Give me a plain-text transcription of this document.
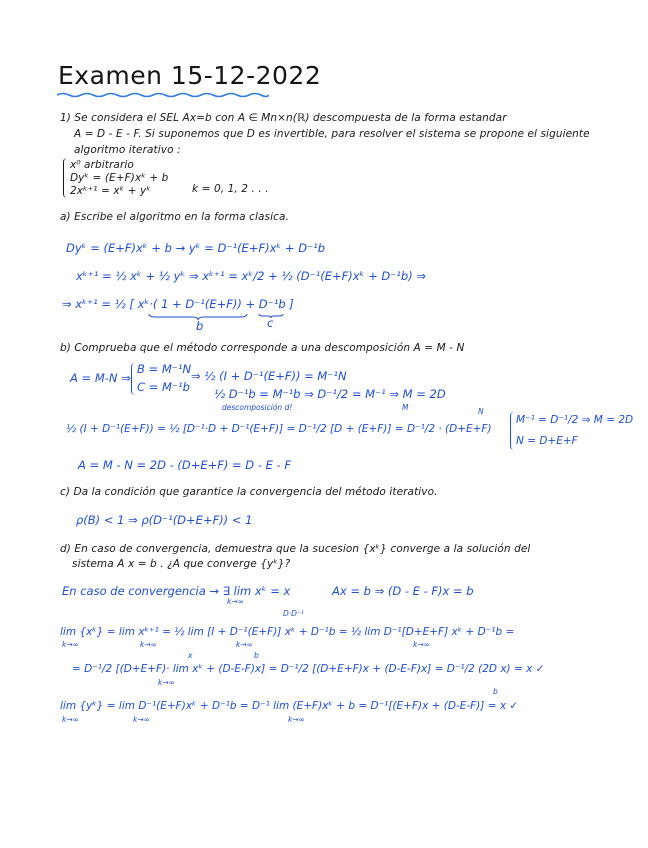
Examen 15-12-2022
1) Se considera el SEL Ax=b con A ∈ Mn×n(ℝ) descompuesta de la forma estandar
A = D - E - F. Si suponemos que D es invertible, para resolver el sistema se propone el siguiente
algoritmo iterativo :
x⁰ arbitrario
Dyᵏ = (E+F)xᵏ + b
2xᵏ⁺¹ = xᵏ + yᵏ	k = 0, 1, 2 . . .
a) Escribe el algoritmo en la forma clasica.
Dyᵏ = (E+F)xᵏ + b → yᵏ = D⁻¹(E+F)xᵏ + D⁻¹b
xᵏ⁺¹ = ½ xᵏ + ½ yᵏ ⇒ xᵏ⁺¹ = xᵏ/2 + ½ (D⁻¹(E+F)xᵏ + D⁻¹b) ⇒
⇒ xᵏ⁺¹ = ½ [ xᵏ·( 1 + D⁻¹(E+F)) + D⁻¹b ]
b	c
b) Comprueba que el método corresponde a una descomposición A = M - N
A = M-N ⇒
B = M⁻¹N
C = M⁻¹b
⇒ ½ (I + D⁻¹(E+F)) = M⁻¹N
½ D⁻¹b = M⁻¹b ⇒ D⁻¹/2 = M⁻¹ ⇒ M = 2D
descomposición d!	M	N
½ (I + D⁻¹(E+F)) = ½ [D⁻¹·D + D⁻¹(E+F)] = D⁻¹/2 [D + (E+F)] = D⁻¹/2 · (D+E+F)
M⁻¹ = D⁻¹/2 ⇒ M = 2D
N = D+E+F
A = M - N = 2D - (D+E+F) = D - E - F
c) Da la condición que garantice la convergencia del método iterativo.
ρ(B) < 1 ⇒ ρ(D⁻¹(D+E+F)) < 1
d) En caso de convergencia, demuestra que la sucesion {xᵏ} converge a la solución del
sistema A x = b . ¿A que converge {yᵏ}?
En caso de convergencia → ∃ lim xᵏ = x
k→∞
Ax = b ⇒ (D - E - F)x = b
D·D⁻¹
lim {xᵏ} = lim xᵏ⁺¹ = ½ lim [I + D⁻¹(E+F)] xᵏ + D⁻¹b = ½ lim D⁻¹[D+E+F] xᵏ + D⁻¹b =
k→∞	k→∞	k→∞	k→∞
x	b
= D⁻¹/2 [(D+E+F)· lim xᵏ + (D-E-F)x] = D⁻¹/2 [(D+E+F)x + (D-E-F)x] = D⁻¹/2 (2D x) = x ✓
k→∞
b
lim {yᵏ} = lim D⁻¹(E+F)xᵏ + D⁻¹b = D⁻¹ lim (E+F)xᵏ + b = D⁻¹[(E+F)x + (D-E-F)] = x ✓
k→∞	k→∞	k→∞
